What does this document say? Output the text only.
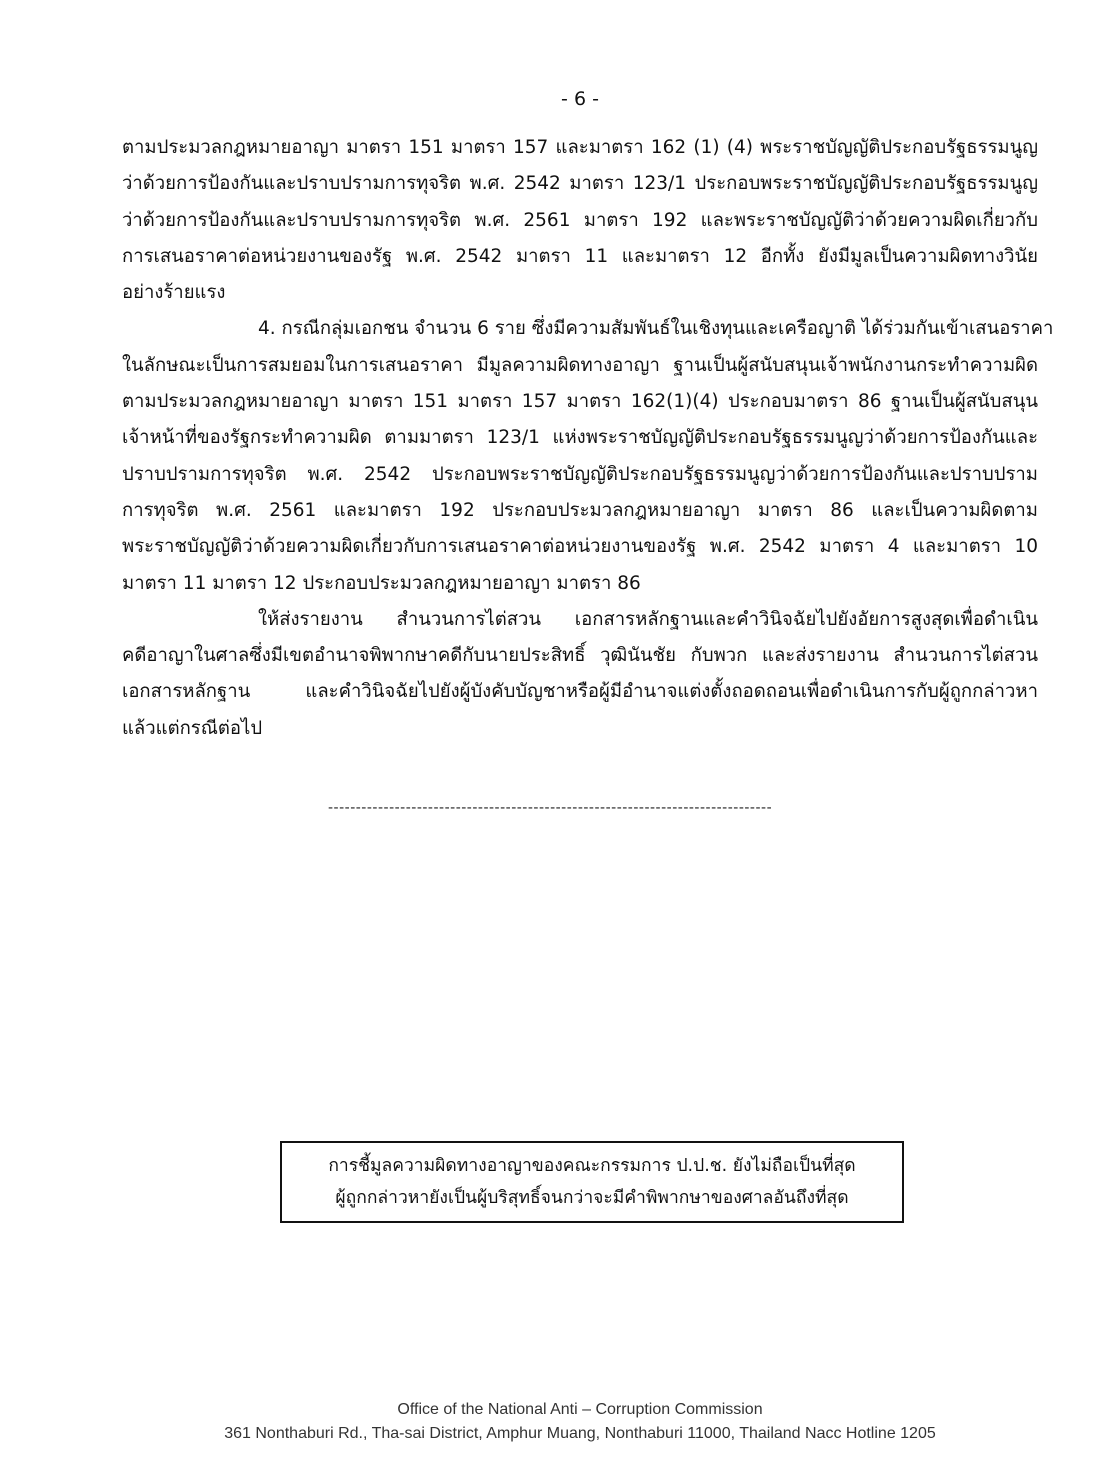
- 6 -
ตามประมวลกฎหมายอาญา มาตรา 151 มาตรา 157 และมาตรา 162 (1) (4) พระราชบัญญัติประกอบรัฐธรรมนูญ
ว่าด้วยการป้องกันและปราบปรามการทุจริต พ.ศ. 2542 มาตรา 123/1 ประกอบพระราชบัญญัติประกอบรัฐธรรมนูญ
ว่าด้วยการป้องกันและปราบปรามการทุจริต พ.ศ. 2561 มาตรา 192 และพระราชบัญญัติว่าด้วยความผิดเกี่ยวกับ
การเสนอราคาต่อหน่วยงานของรัฐ พ.ศ. 2542 มาตรา 11 และมาตรา 12 อีกทั้ง ยังมีมูลเป็นความผิดทางวินัย
อย่างร้ายแรง
4. กรณีกลุ่มเอกชน จำนวน 6 ราย ซึ่งมีความสัมพันธ์ในเชิงทุนและเครือญาติ ได้ร่วมกันเข้าเสนอราคา
ในลักษณะเป็นการสมยอมในการเสนอราคา มีมูลความผิดทางอาญา ฐานเป็นผู้สนับสนุนเจ้าพนักงานกระทำความผิด
ตามประมวลกฎหมายอาญา มาตรา 151 มาตรา 157 มาตรา 162(1)(4) ประกอบมาตรา 86 ฐานเป็นผู้สนับสนุน
เจ้าหน้าที่ของรัฐกระทำความผิด ตามมาตรา 123/1 แห่งพระราชบัญญัติประกอบรัฐธรรมนูญว่าด้วยการป้องกันและ
ปราบปรามการทุจริต พ.ศ. 2542 ประกอบพระราชบัญญัติประกอบรัฐธรรมนูญว่าด้วยการป้องกันและปราบปราม
การทุจริต พ.ศ. 2561 และมาตรา 192 ประกอบประมวลกฎหมายอาญา มาตรา 86 และเป็นความผิดตาม
พระราชบัญญัติว่าด้วยความผิดเกี่ยวกับการเสนอราคาต่อหน่วยงานของรัฐ พ.ศ. 2542 มาตรา 4 และมาตรา 10
มาตรา 11 มาตรา 12 ประกอบประมวลกฎหมายอาญา มาตรา 86
ให้ส่งรายงาน สำนวนการไต่สวน เอกสารหลักฐานและคำวินิจฉัยไปยังอัยการสูงสุดเพื่อดำเนิน
คดีอาญาในศาลซึ่งมีเขตอำนาจพิพากษาคดีกับนายประสิทธิ์ วุฒินันชัย กับพวก และส่งรายงาน สำนวนการไต่สวน
เอกสารหลักฐาน และคำวินิจฉัยไปยังผู้บังคับบัญชาหรือผู้มีอำนาจแต่งตั้งถอดถอนเพื่อดำเนินการกับผู้ถูกกล่าวหา
แล้วแต่กรณีต่อไป
--------------------------------------------------------------------------------
การชี้มูลความผิดทางอาญาของคณะกรรมการ ป.ป.ช. ยังไม่ถือเป็นที่สุด
ผู้ถูกกล่าวหายังเป็นผู้บริสุทธิ์จนกว่าจะมีคำพิพากษาของศาลอันถึงที่สุด
Office of the National Anti – Corruption Commission
361 Nonthaburi Rd., Tha-sai District, Amphur Muang, Nonthaburi 11000, Thailand Nacc Hotline 1205
